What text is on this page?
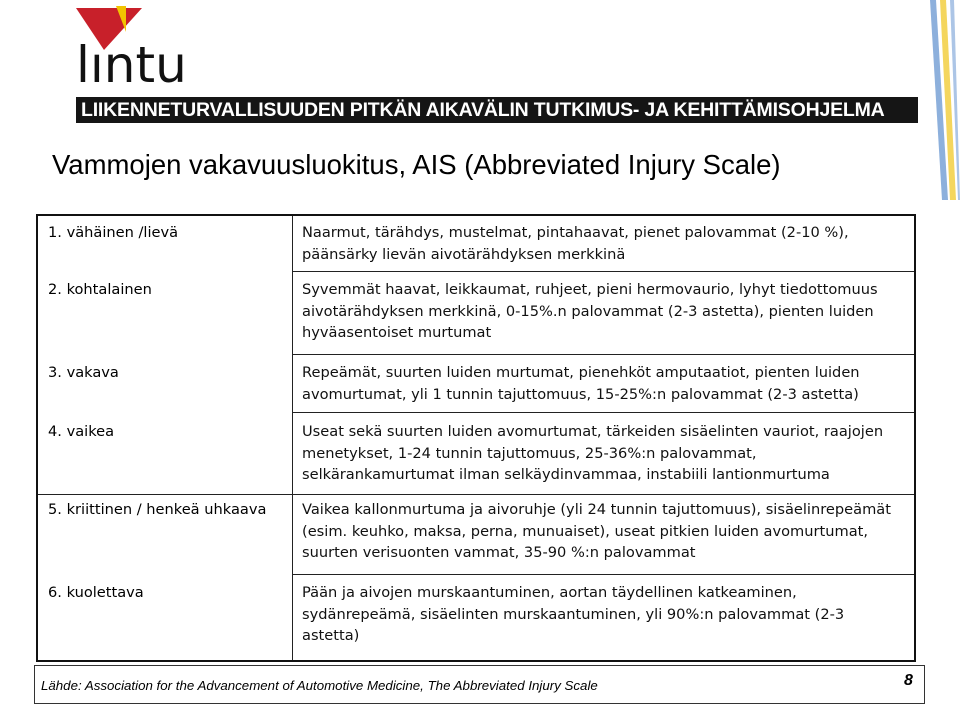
lıntu
LIIKENNETURVALLISUUDEN PITKÄN AIKAVÄLIN TUTKIMUS- JA KEHITTÄMISOHJELMA
Vammojen vakavuusluokitus, AIS (Abbreviated Injury Scale)
1. vähäinen /lievä	Naarmut, tärähdys, mustelmat, pintahaavat, pienet palovammat (2-10 %),
päänsärky lievän aivotärähdyksen merkkinä
2. kohtalainen	Syvemmät haavat, leikkaumat, ruhjeet, pieni hermovaurio, lyhyt tiedottomuus
aivotärähdyksen merkkinä, 0-15%.n palovammat (2-3 astetta), pienten luiden
hyväasentoiset murtumat
3. vakava	Repeämät, suurten luiden murtumat, pienehköt amputaatiot, pienten luiden
avomurtumat, yli 1 tunnin tajuttomuus, 15-25%:n palovammat (2-3 astetta)
4. vaikea	Useat sekä suurten luiden avomurtumat, tärkeiden sisäelinten vauriot, raajojen
menetykset, 1-24 tunnin tajuttomuus, 25-36%:n palovammat,
selkärankamurtumat ilman selkäydinvammaa, instabiili lantionmurtuma
5. kriittinen / henkeä uhkaava Vaikea kallonmurtuma ja aivoruhje (yli 24 tunnin tajuttomuus), sisäelinrepeämät
(esim. keuhko, maksa, perna, munuaiset), useat pitkien luiden avomurtumat,
suurten verisuonten vammat, 35-90 %:n palovammat
6. kuolettava	Pään ja aivojen murskaantuminen, aortan täydellinen katkeaminen,
sydänrepeämä, sisäelinten murskaantuminen, yli 90%:n palovammat (2-3
astetta)
Lähde: Association for the Advancement of Automotive Medicine, The Abbreviated Injury Scale	8
